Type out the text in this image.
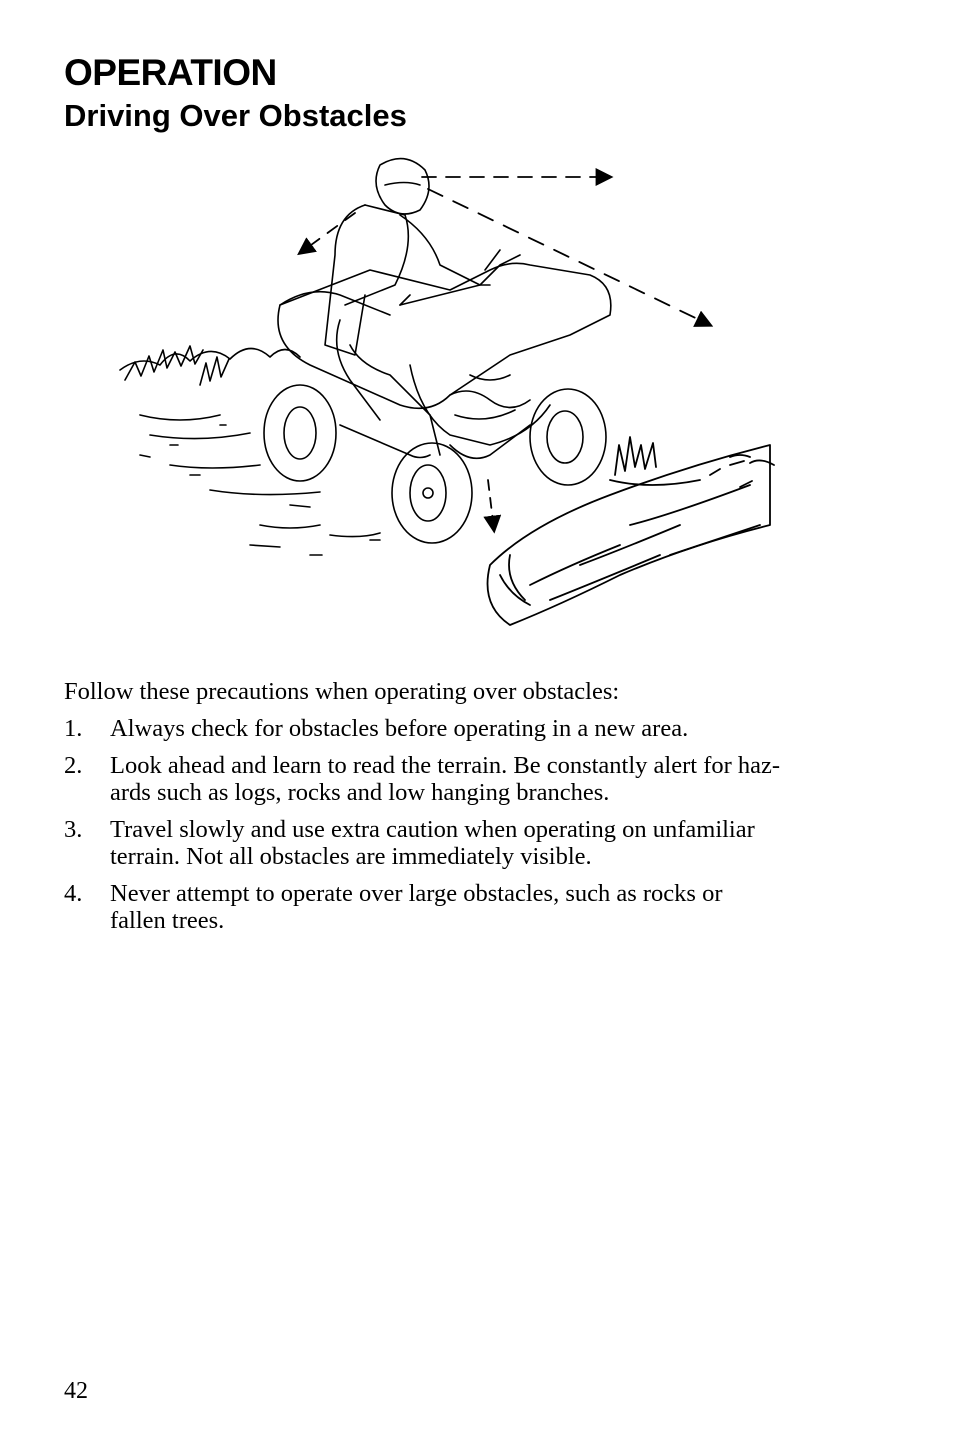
OPERATION
Driving Over Obstacles

Follow these precautions when operating over obstacles:

1. Always check for obstacles before operating in a new area.
2. Look ahead and learn to read the terrain. Be constantly alert for haz-
ards such as logs, rocks and low hanging branches.
3. Travel slowly and use extra caution when operating on unfamiliar
terrain. Not all obstacles are immediately visible.
4. Never attempt to operate over large obstacles, such as rocks or
fallen trees.
42
